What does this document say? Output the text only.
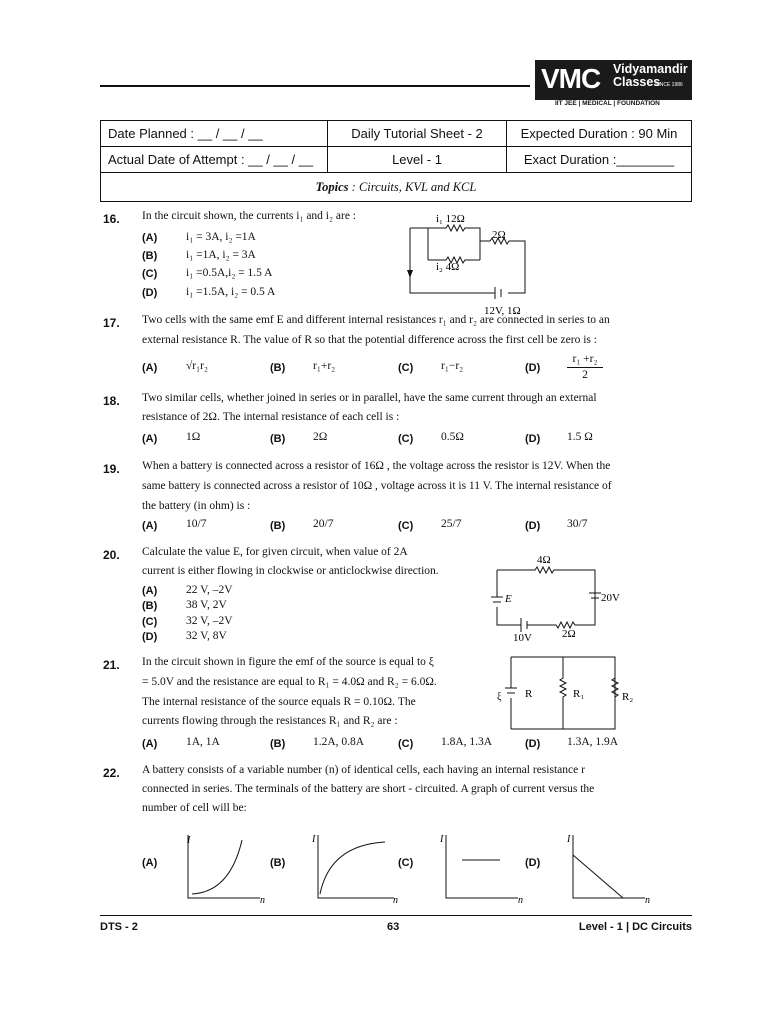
VMC Vidyamandir
Classes
SINCE 1986
IIT JEE | MEDICAL | FOUNDATION
Date Planned : __ / __ / __	Daily Tutorial Sheet - 2	Expected Duration : 90 Min
Actual Date of Attempt : __ / __ / __	Level - 1	Exact Duration :________
Topics : Circuits, KVL and KCL		
16. In the circuit shown, the currents i₁ and i₂ are :
(A) i₁ = 3A, i₂ =1A
(B) i₁ =1A, i₂ = 3A
(C) i₁ =0.5A,i₂ = 1.5 A
(D) i₁ =1.5A, i₂ = 0.5 A
i₁ 12Ω
2Ω
i₂ 4Ω
12V, 1Ω
17. Two cells with the same emf E and different internal resistances r₁ and r₂ are connected in series to an
external resistance R. The value of R so that the potential difference across the first cell be zero is :
(A) √r₁r₂	(B) r₁+r₂	(C) r₁−r₂	$(D) \frac{\text{r₁ +r₂}}{2}$
18. Two similar cells, whether joined in series or in parallel, have the same current through an external
resistance of 2Ω. The internal resistance of each cell is :
(A) 1Ω	(B) 2Ω	(C) 0.5Ω	(D) 1.5 Ω
19. When a battery is connected across a resistor of 16Ω , the voltage across the resistor is 12V. When the
same battery is connected across a resistor of 10Ω , voltage across it is 11 V. The internal resistance of
the battery (in ohm) is :
(A) 10/7	(B) 20/7	(C) 25/7	(D) 30/7
20. Calculate the value E, for given circuit, when value of 2A
current is either flowing in clockwise or anticlockwise direction.
(A) 22 V, –2V
(B) 38 V, 2V
(C) 32 V, –2V
(D) 32 V, 8V
4Ω
E	20V
10V	2Ω
21. In the circuit shown in figure the emf of the source is equal to ξ
= 5.0V and the resistance are equal to R₁ = 4.0Ω and R₂ = 6.0Ω.
The internal resistance of the source equals R = 0.10Ω. The
currents flowing through the resistances R₁ and R₂ are :
(A) 1A, 1A	(B) 1.2A, 0.8A	(C) 1.8A, 1.3A	(D) 1.3A, 1.9A
ξ R	R₁	R₂
22. A battery consists of a variable number (n) of identical cells, each having an internal resistance r
connected in series. The terminals of the battery are short - circuited. A graph of current versus the
number of cell will be:
(A)
I
n
(B)
I
n
(C)
I
n
(D)
I
n
DTS - 2	63	Level - 1 | DC Circuits
